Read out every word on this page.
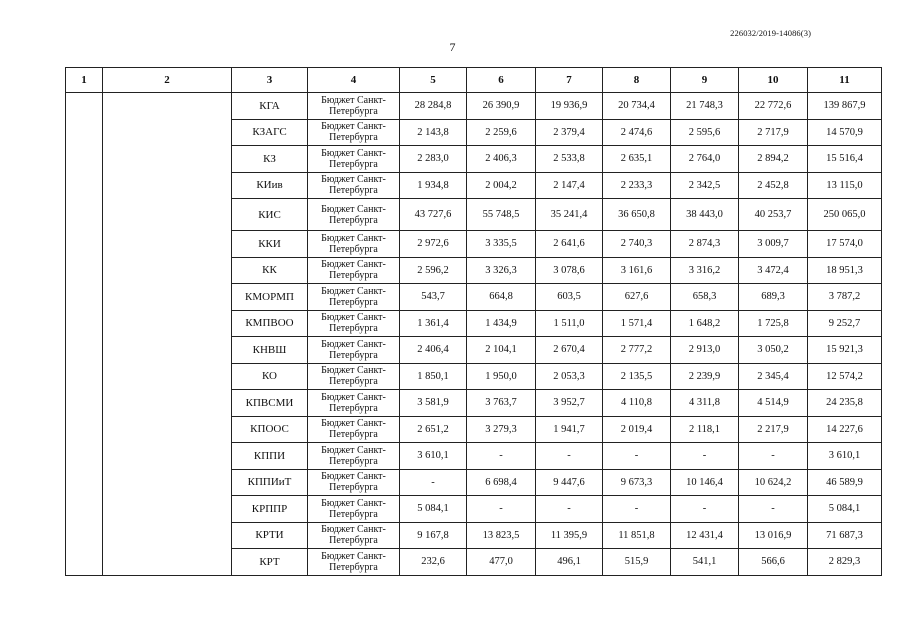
226032/2019-14086(3)
7
1	2	3	4	5	6	7	8	9	10	11
		КГА	Бюджет Санкт-Петербурга	28 284,8	26 390,9	19 936,9	20 734,4	21 748,3	22 772,6	139 867,9
		КЗАГС	Бюджет Санкт-Петербурга	2 143,8	2 259,6	2 379,4	2 474,6	2 595,6	2 717,9	14 570,9
		КЗ	Бюджет Санкт-Петербурга	2 283,0	2 406,3	2 533,8	2 635,1	2 764,0	2 894,2	15 516,4
		КИив	Бюджет Санкт-Петербурга	1 934,8	2 004,2	2 147,4	2 233,3	2 342,5	2 452,8	13 115,0
		КИС	Бюджет Санкт-Петербурга	43 727,6	55 748,5	35 241,4	36 650,8	38 443,0	40 253,7	250 065,0
		ККИ	Бюджет Санкт-Петербурга	2 972,6	3 335,5	2 641,6	2 740,3	2 874,3	3 009,7	17 574,0
		КК	Бюджет Санкт-Петербурга	2 596,2	3 326,3	3 078,6	3 161,6	3 316,2	3 472,4	18 951,3
		КМОРМП	Бюджет Санкт-Петербурга	543,7	664,8	603,5	627,6	658,3	689,3	3 787,2
		КМПВОО	Бюджет Санкт-Петербурга	1 361,4	1 434,9	1 511,0	1 571,4	1 648,2	1 725,8	9 252,7
		КНВШ	Бюджет Санкт-Петербурга	2 406,4	2 104,1	2 670,4	2 777,2	2 913,0	3 050,2	15 921,3
		КО	Бюджет Санкт-Петербурга	1 850,1	1 950,0	2 053,3	2 135,5	2 239,9	2 345,4	12 574,2
		КПВСМИ	Бюджет Санкт-Петербурга	3 581,9	3 763,7	3 952,7	4 110,8	4 311,8	4 514,9	24 235,8
		КПООС	Бюджет Санкт-Петербурга	2 651,2	3 279,3	1 941,7	2 019,4	2 118,1	2 217,9	14 227,6
		КППИ	Бюджет Санкт-Петербурга	3 610,1	-	-	-	-	-	3 610,1
		КППИиТ	Бюджет Санкт-Петербурга	-	6 698,4	9 447,6	9 673,3	10 146,4	10 624,2	46 589,9
		КРППР	Бюджет Санкт-Петербурга	5 084,1	-	-	-	-	-	5 084,1
		КРТИ	Бюджет Санкт-Петербурга	9 167,8	13 823,5	11 395,9	11 851,8	12 431,4	13 016,9	71 687,3
		КРТ	Бюджет Санкт-Петербурга	232,6	477,0	496,1	515,9	541,1	566,6	2 829,3
